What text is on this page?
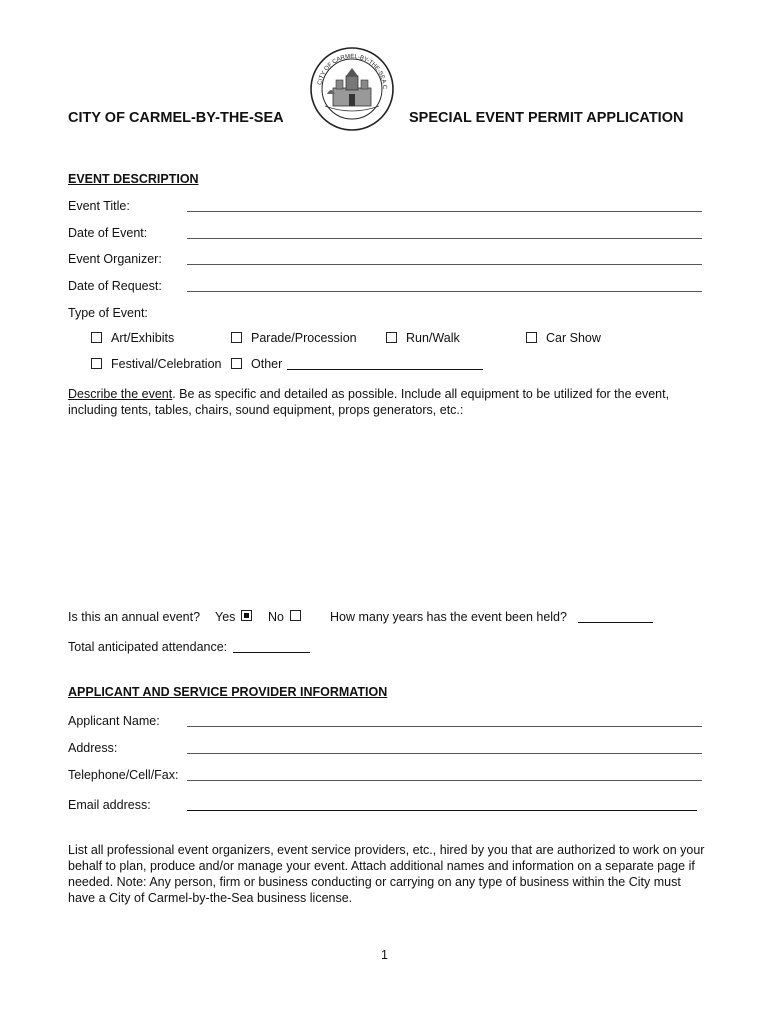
CITY OF CARMEL-BY-THE-SEA C
CITY OF CARMEL-BY-THE-SEA	SPECIAL EVENT PERMIT APPLICATION
EVENT DESCRIPTION
Event Title:
Date of Event:
Event Organizer:
Date of Request:
Type of Event:
Art/Exhibits	Parade/Procession	Run/Walk	Car Show
Festival/Celebration Other
Describe the event. Be as specific and detailed as possible. Include all equipment to be utilized for the event, including tents, tables, chairs, sound equipment, props generators, etc.:
Is this an annual event? Yes	No	How many years has the event been held?
Total anticipated attendance:
APPLICANT AND SERVICE PROVIDER INFORMATION
Applicant Name:
Address:
Telephone/Cell/Fax:
Email address:
List all professional event organizers, event service providers, etc., hired by you that are authorized to work on your behalf to plan, produce and/or manage your event. Attach additional names and information on a separate page if needed. Note: Any person, firm or business conducting or carrying on any type of business within the City must have a City of Carmel-by-the-Sea business license.
1
